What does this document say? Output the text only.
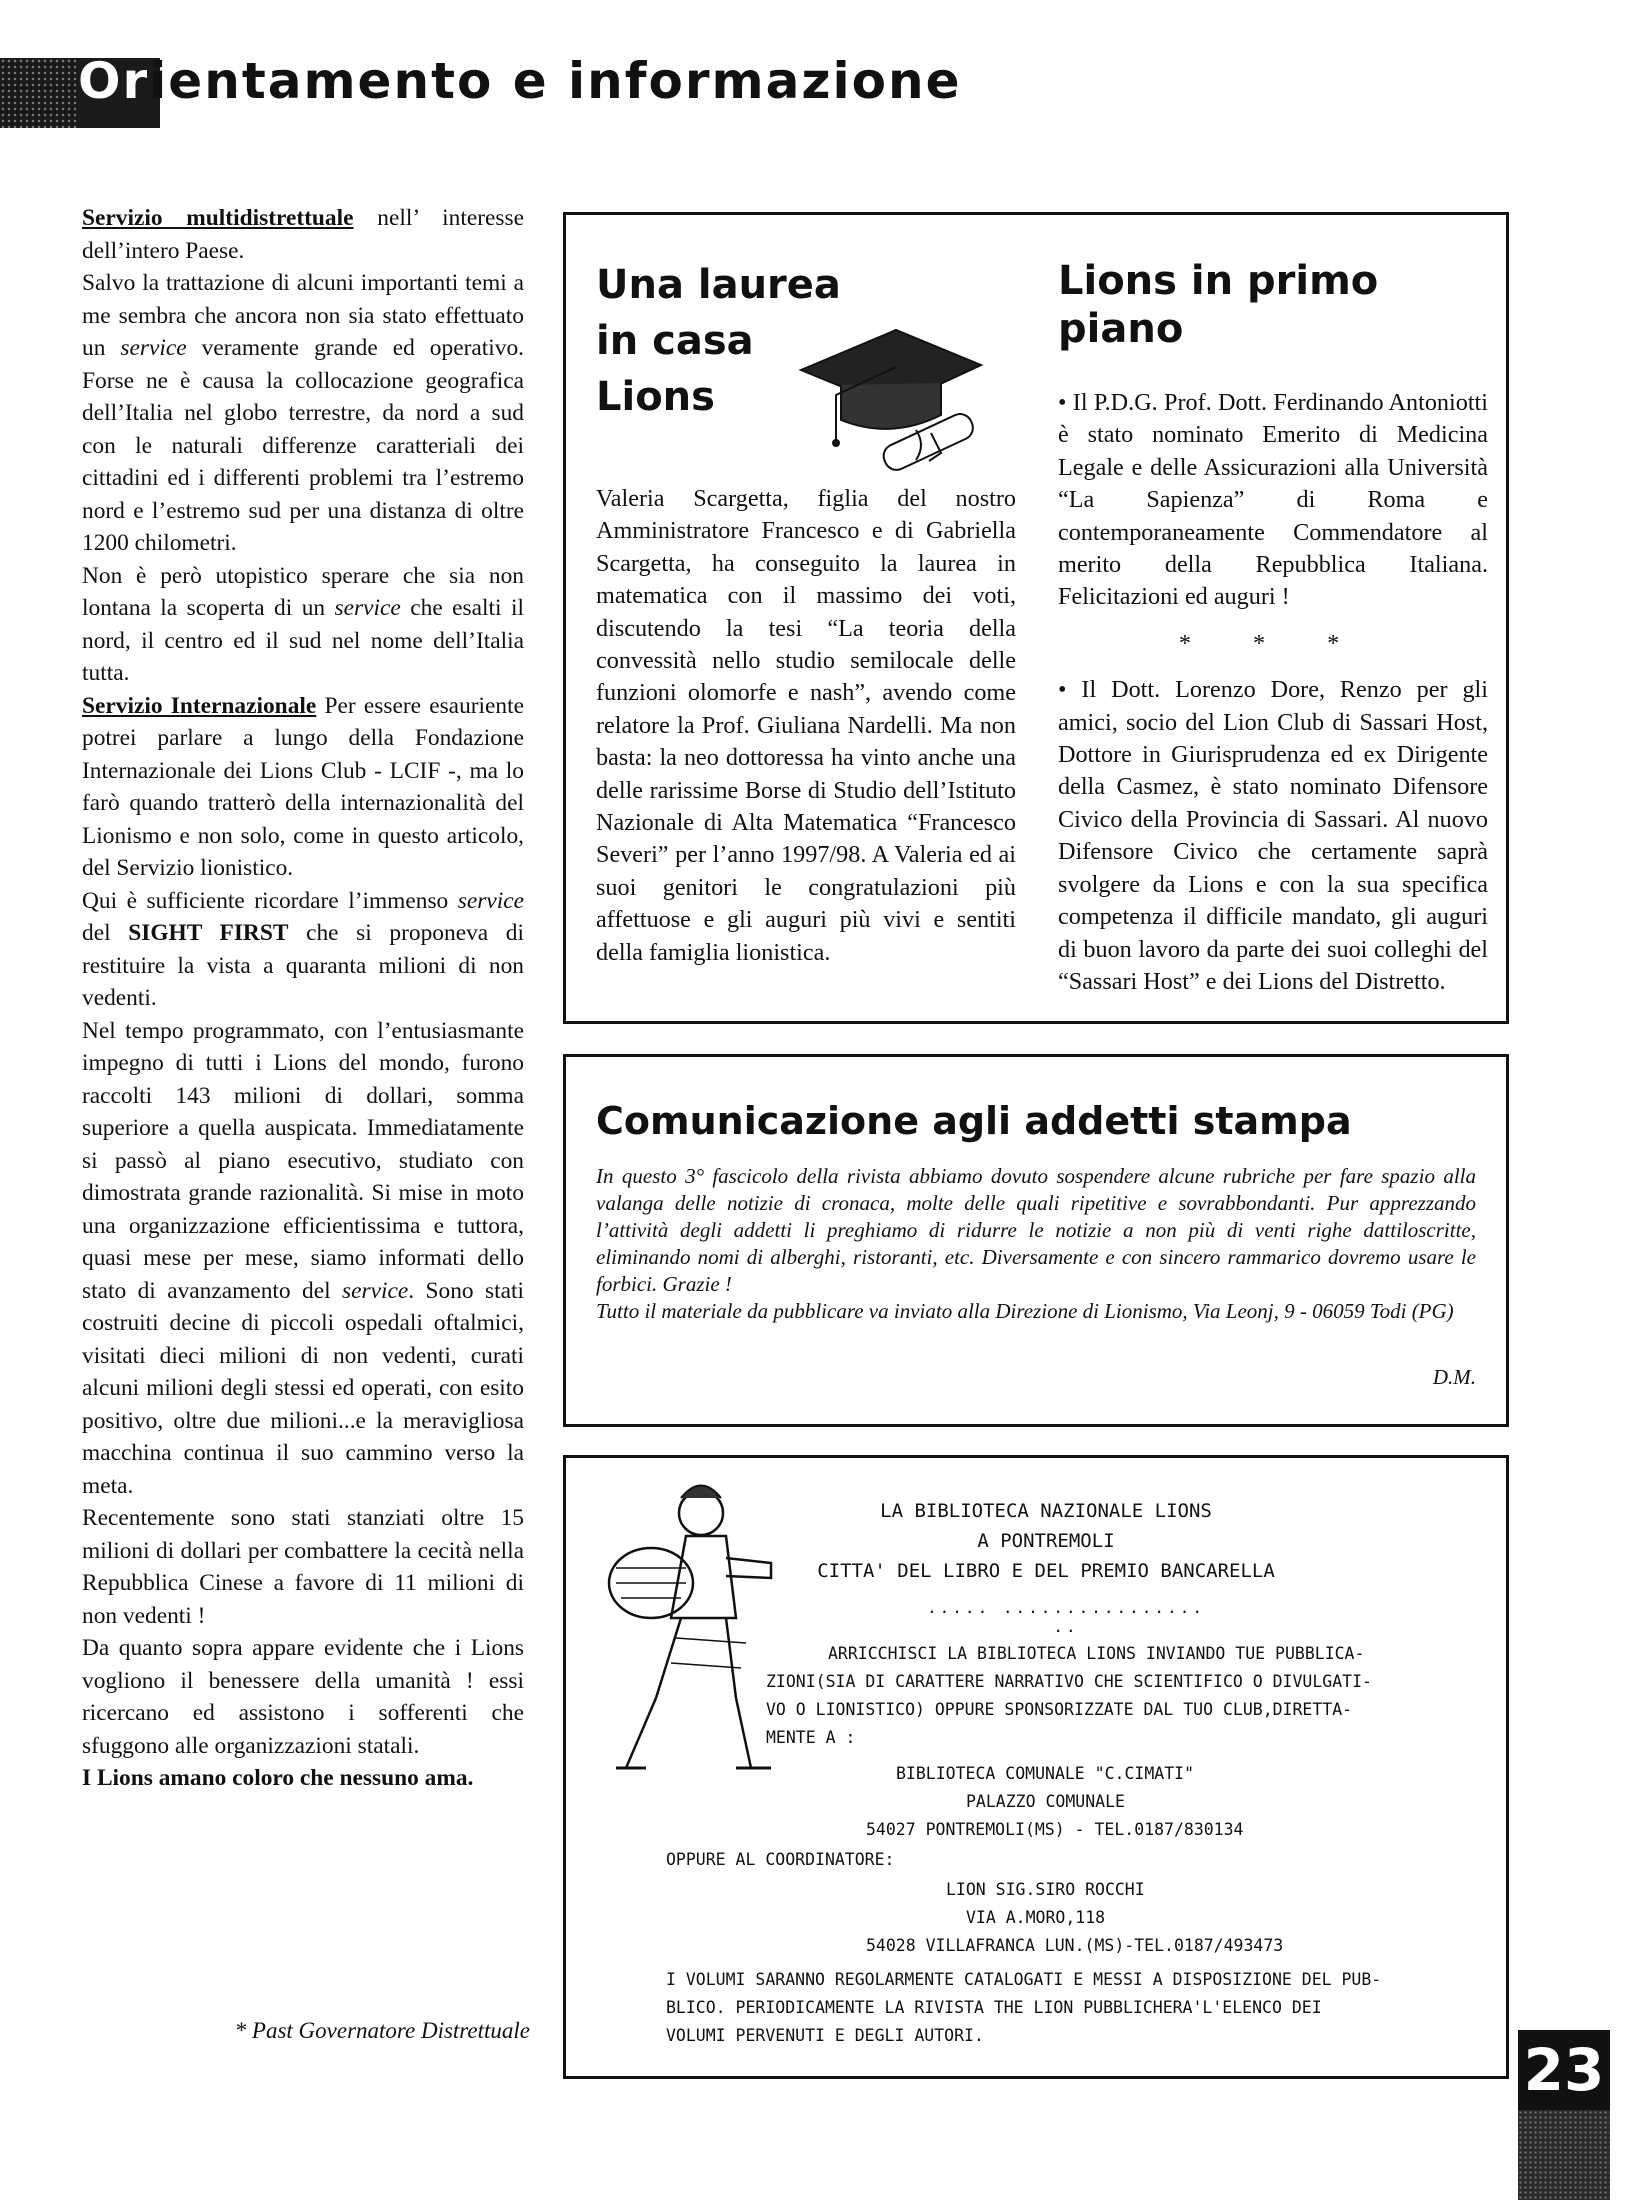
Orientamento e informazione

Servizio multidistrettuale nell’ interesse dell’intero Paese.

Salvo la trattazione di alcuni importanti temi a me sembra che ancora non sia stato effettuato un service veramente grande ed operativo. Forse ne è causa la collocazione geografica dell’Italia nel globo terrestre, da nord a sud con le naturali differenze caratteriali dei cittadini ed i differenti problemi tra l’estremo nord e l’estremo sud per una distanza di oltre 1200 chilometri.

Non è però utopistico sperare che sia non lontana la scoperta di un service che esalti il nord, il centro ed il sud nel nome dell’Italia tutta.

Servizio Internazionale Per essere esauriente potrei parlare a lungo della Fondazione Internazionale dei Lions Club - LCIF -, ma lo farò quando tratterò della internazionalità del Lionismo e non solo, come in questo articolo, del Servizio lionistico.

Qui è sufficiente ricordare l’immenso service del SIGHT FIRST che si proponeva di restituire la vista a quaranta milioni di non vedenti.

Nel tempo programmato, con l’entusiasmante impegno di tutti i Lions del mondo, furono raccolti 143 milioni di dollari, somma superiore a quella auspicata. Immediatamente si passò al piano esecutivo, studiato con dimostrata grande razionalità. Si mise in moto una organizzazione efficientissima e tuttora, quasi mese per mese, siamo informati dello stato di avanzamento del service. Sono stati costruiti decine di piccoli ospedali oftalmici, visitati dieci milioni di non vedenti, curati alcuni milioni degli stessi ed operati, con esito positivo, oltre due milioni...e la meravigliosa macchina continua il suo cammino verso la meta.

Recentemente sono stati stanziati oltre 15 milioni di dollari per combattere la cecità nella Repubblica Cinese a favore di 11 milioni di non vedenti !

Da quanto sopra appare evidente che i Lions vogliono il benessere della umanità ! essi ricercano ed assistono i sofferenti che sfuggono alle organizzazioni statali.

I Lions amano coloro che nessuno ama.

* Past Governatore Distrettuale
Una laurea
in casa
Lions
Valeria Scargetta, figlia del nostro Amministratore Francesco e di Gabriella Scargetta, ha conseguito la laurea in matematica con il massimo dei voti, discutendo la tesi “La teoria della convessità nello studio semilocale delle funzioni olomorfe e nash”, avendo come relatore la Prof. Giuliana Nardelli. Ma non basta: la neo dottoressa ha vinto anche una delle rarissime Borse di Studio dell’Istituto Nazionale di Alta Matematica “Francesco Severi” per l’anno 1997/98. A Valeria ed ai suoi genitori le congratulazioni più affettuose e gli auguri più vivi e sentiti della famiglia lionistica.
Lions in primo piano

• Il P.D.G. Prof. Dott. Ferdinando Antoniotti è stato nominato Emerito di Medicina Legale e delle Assicurazioni alla Università “La Sapienza” di Roma e contemporaneamente Commendatore al merito della Repubblica Italiana. Felicitazioni ed auguri !

* * *

• Il Dott. Lorenzo Dore, Renzo per gli amici, socio del Lion Club di Sassari Host, Dottore in Giurisprudenza ed ex Dirigente della Casmez, è stato nominato Difensore Civico della Provincia di Sassari. Al nuovo Difensore Civico che certamente saprà svolgere da Lions e con la sua specifica competenza il difficile mandato, gli auguri di buon lavoro da parte dei suoi colleghi del “Sassari Host” e dei Lions del Distretto.

Comunicazione agli addetti stampa
In questo 3° fascicolo della rivista abbiamo dovuto sospendere alcune rubriche per fare spazio alla valanga delle notizie di cronaca, molte delle quali ripetitive e sovrabbondanti. Pur apprezzando l’attività degli addetti li preghiamo di ridurre le notizie a non più di venti righe dattiloscritte, eliminando nomi di alberghi, ristoranti, etc. Diversamente e con sincero rammarico dovremo usare le forbici. Grazie !
Tutto il materiale da pubblicare va inviato alla Direzione di Lionismo, Via Leonj, 9 - 06059 Todi (PG)
D.M.
LA BIBLIOTECA NAZIONALE LIONS
A PONTREMOLI
CITTA' DEL LIBRO E DEL PREMIO BANCARELLA
..... ................ ..
ARRICCHISCI LA BIBLIOTECA LIONS INVIANDO TUE PUBBLICA-
ZIONI(SIA DI CARATTERE NARRATIVO CHE SCIENTIFICO O DIVULGATI-
VO O LIONISTICO) OPPURE SPONSORIZZATE DAL TUO CLUB,DIRETTA-
MENTE A :
BIBLIOTECA COMUNALE "C.CIMATI"
PALAZZO COMUNALE
54027 PONTREMOLI(MS) - TEL.0187/830134
OPPURE AL COORDINATORE:
LION SIG.SIRO ROCCHI
VIA A.MORO,118
54028 VILLAFRANCA LUN.(MS)-TEL.0187/493473
I VOLUMI SARANNO REGOLARMENTE CATALOGATI E MESSI A DISPOSIZIONE DEL PUB-
BLICO. PERIODICAMENTE LA RIVISTA THE LION PUBBLICHERA'L'ELENCO DEI
VOLUMI PERVENUTI E DEGLI AUTORI.
23
